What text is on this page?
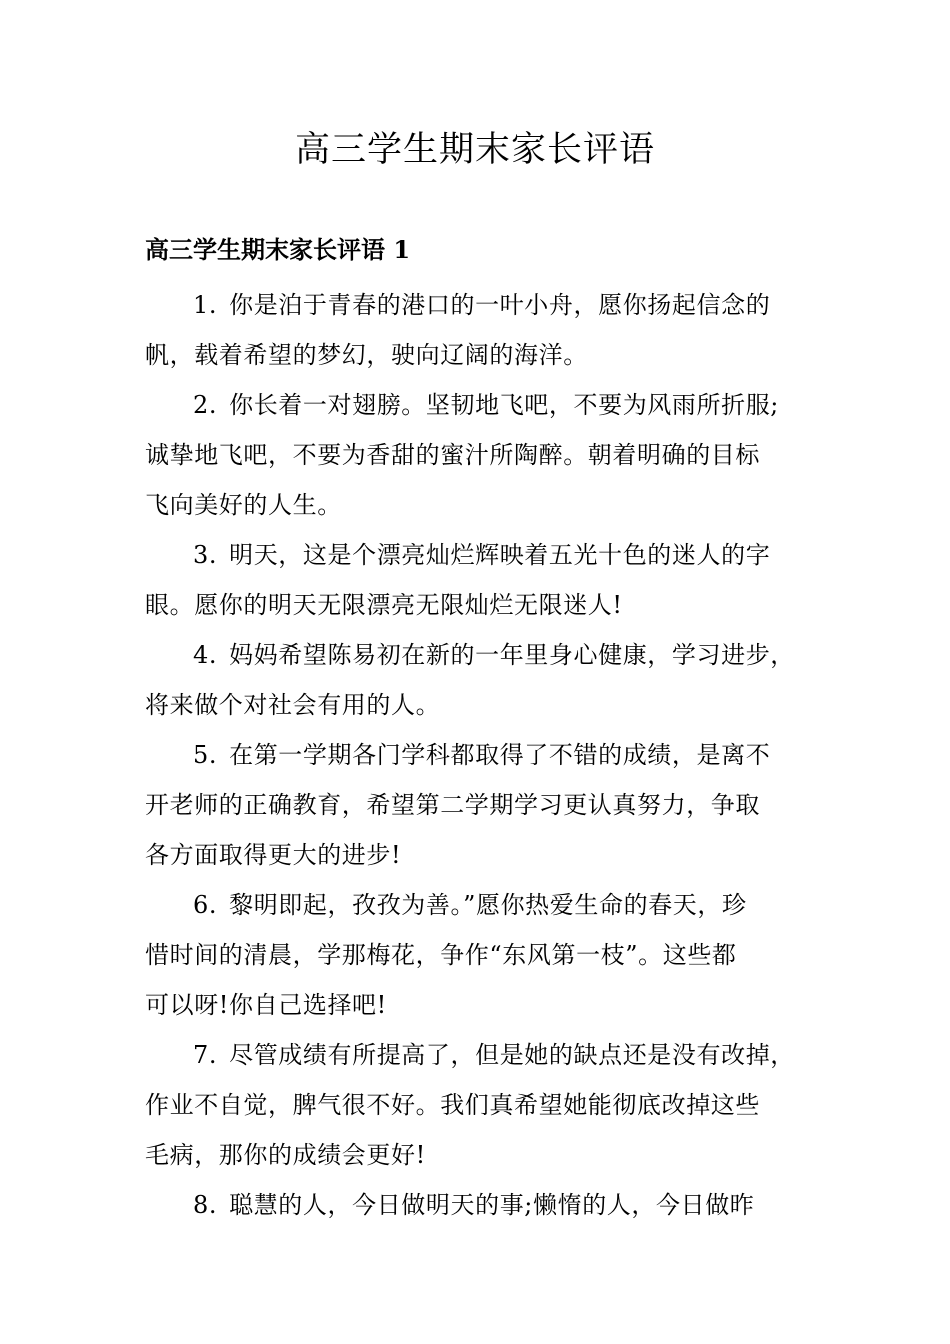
高三学生期末家长评语
高三学生期末家长评语 1

1. 你是泊于青春的港口的一叶小舟，愿你扬起信念的
帆，载着希望的梦幻，驶向辽阔的海洋。

2. 你长着一对翅膀。坚韧地飞吧，不要为风雨所折服;
诚挚地飞吧，不要为香甜的蜜汁所陶醉。朝着明确的目标
飞向美好的人生。

3. 明天，这是个漂亮灿烂辉映着五光十色的迷人的字
眼。愿你的明天无限漂亮无限灿烂无限迷人!

4. 妈妈希望陈易初在新的一年里身心健康，学习进步，
将来做个对社会有用的人。

5. 在第一学期各门学科都取得了不错的成绩，是离不
开老师的正确教育，希望第二学期学习更认真努力，争取
各方面取得更大的进步!

6. 黎明即起，孜孜为善。”愿你热爱生命的春天，珍
惜时间的清晨，学那梅花，争作“东风第一枝”。这些都
可以呀!你自己选择吧!

7. 尽管成绩有所提高了，但是她的缺点还是没有改掉，
作业不自觉，脾气很不好。我们真希望她能彻底改掉这些
毛病，那你的成绩会更好!

8. 聪慧的人，今日做明天的事;懒惰的人，今日做昨
